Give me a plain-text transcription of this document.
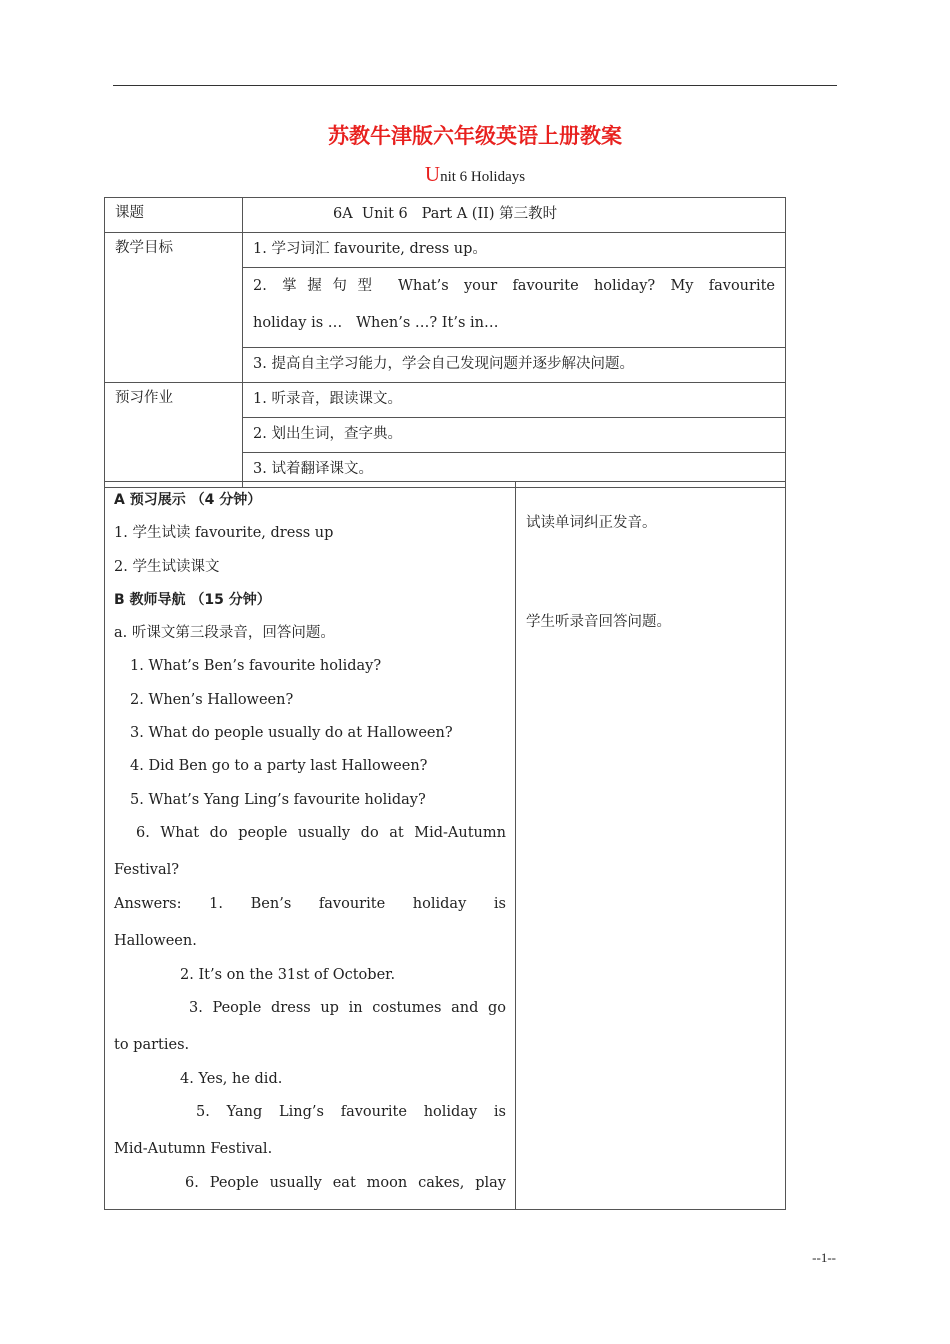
苏教牛津版六年级英语上册教案
Unit 6 Holidays
课题	6A  Unit 6   Part A (II) 第三教时

教学目标	1. 学习词汇 favourite, dress up。

	2. 掌握句型 What’s your favourite holiday? My favourite
holiday is …   When’s …? It’s in…

	3. 提高自主学习能力，学会自己发现问题并逐步解决问题。

预习作业	1. 听录音，跟读课文。

	2. 划出生词，查字典。

	3. 试着翻译课文。
A 预习展示 （4 分钟）
1. 学生试读 favourite, dress up
2. 学生试读课文
B 教师导航 （15 分钟）
a. 听课文第三段录音，回答问题。
1. What’s Ben’s favourite holiday?
2. When’s Halloween?
3. What do people usually do at Halloween?
4. Did Ben go to a party last Halloween?
5. What’s Yang Ling’s favourite holiday?
6. What do people usually do at Mid-Autumn
Festival?
Answers: 1. Ben’s favourite holiday is
Halloween.
2. It’s on the 31st of October.
3. People dress up in costumes and go
to parties.
4. Yes, he did.
5. Yang Ling’s favourite holiday is
Mid-Autumn Festival.
6. People usually eat moon cakes, play

试读单词纠正发音。
学生听录音回答问题。
--1--
